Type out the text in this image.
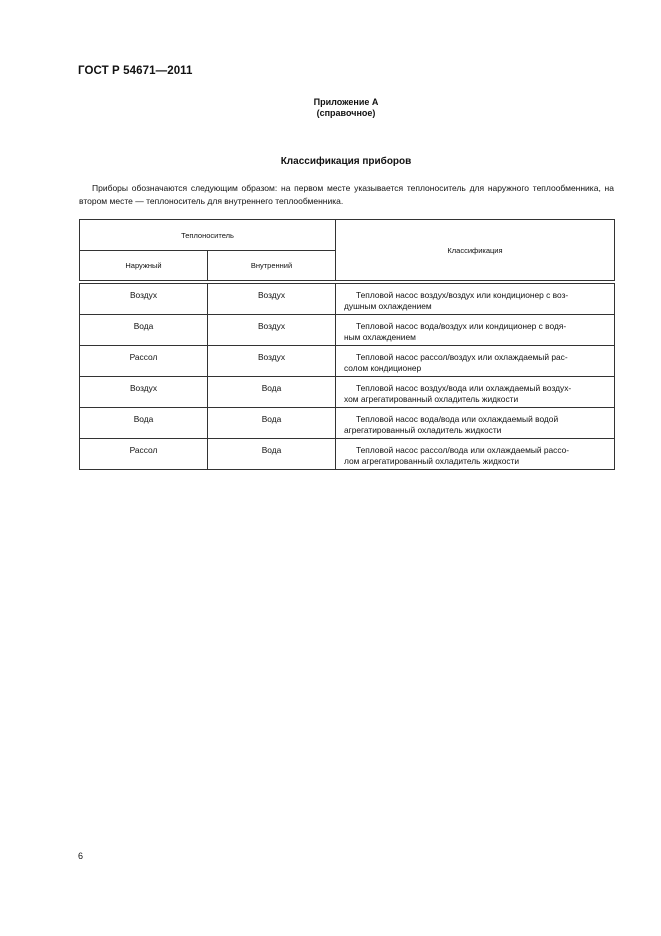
ГОСТ Р 54671—2011
Приложение А
(справочное)
Классификация приборов
Приборы обозначаются следующим образом: на первом месте указывается теплоноситель для наружного теплообменника, на втором месте — теплоноситель для внутреннего теплообменника.
Теплоноситель		Классификация
Наружный	Внутренний	

Воздух	Воздух	Тепловой насос воздух/воздух или кондиционер с воз-
душным охлаждением
Вода	Воздух	Тепловой насос вода/воздух или кондиционер с водя-
ным охлаждением
Рассол	Воздух	Тепловой насос рассол/воздух или охлаждаемый рас-
солом кондиционер
Воздух	Вода	Тепловой насос воздух/вода или охлаждаемый воздух-
хом агрегатированный охладитель жидкости
Вода	Вода	Тепловой насос вода/вода или охлаждаемый водой
агрегатированный охладитель жидкости
Рассол	Вода	Тепловой насос рассол/вода или охлаждаемый рассо-
лом агрегатированный охладитель жидкости
6
